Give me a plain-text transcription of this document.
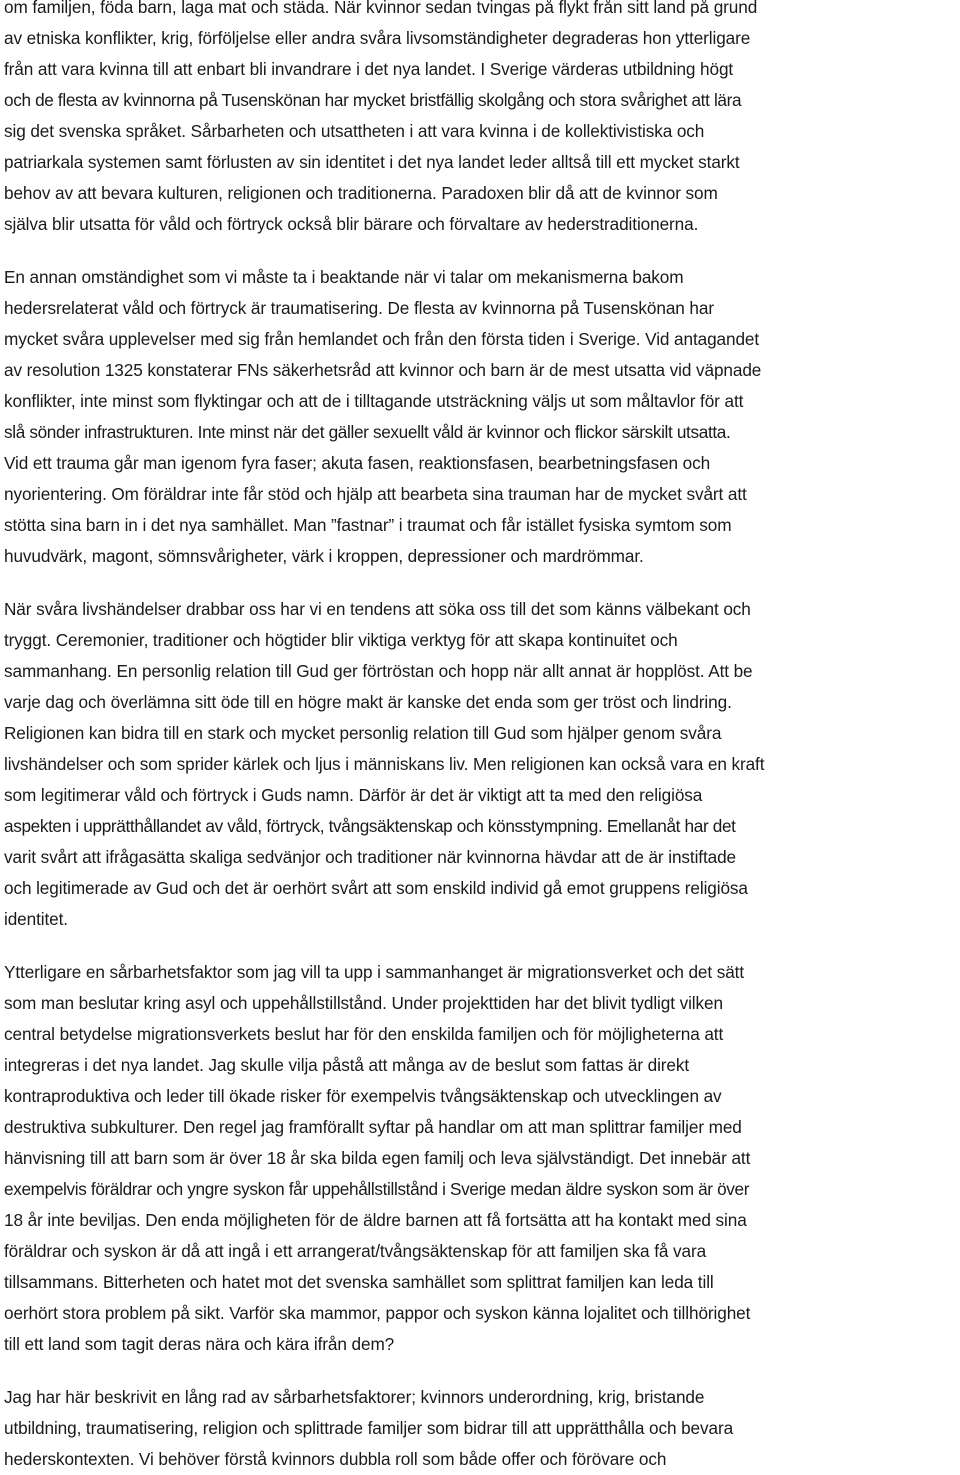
om familjen, föda barn, laga mat och städa. När kvinnor sedan tvingas på flykt från sitt land på grund
av etniska konflikter, krig, förföljelse eller andra svåra livsomständigheter degraderas hon ytterligare
från att vara kvinna till att enbart bli invandrare i det nya landet. I Sverige värderas utbildning högt
och de flesta av kvinnorna på Tusenskönan har mycket bristfällig skolgång och stora svårighet att lära
sig det svenska språket. Sårbarheten och utsattheten i att vara kvinna i de kollektivistiska och
patriarkala systemen samt förlusten av sin identitet i det nya landet leder alltså till ett mycket starkt
behov av att bevara kulturen, religionen och traditionerna. Paradoxen blir då att de kvinnor som
själva blir utsatta för våld och förtryck också blir bärare och förvaltare av hederstraditionerna.
En annan omständighet som vi måste ta i beaktande när vi talar om mekanismerna bakom
hedersrelaterat våld och förtryck är traumatisering. De flesta av kvinnorna på Tusenskönan har
mycket svåra upplevelser med sig från hemlandet och från den första tiden i Sverige. Vid antagandet
av resolution 1325 konstaterar FNs säkerhetsråd att kvinnor och barn är de mest utsatta vid väpnade
konflikter, inte minst som flyktingar och att de i tilltagande utsträckning väljs ut som måltavlor för att
slå sönder infrastrukturen. Inte minst när det gäller sexuellt våld är kvinnor och flickor särskilt utsatta.
Vid ett trauma går man igenom fyra faser; akuta fasen, reaktionsfasen, bearbetningsfasen och
nyorientering. Om föräldrar inte får stöd och hjälp att bearbeta sina trauman har de mycket svårt att
stötta sina barn in i det nya samhället. Man ”fastnar” i traumat och får istället fysiska symtom som
huvudvärk, magont, sömnsvårigheter, värk i kroppen, depressioner och mardrömmar.
När svåra livshändelser drabbar oss har vi en tendens att söka oss till det som känns välbekant och
tryggt. Ceremonier, traditioner och högtider blir viktiga verktyg för att skapa kontinuitet och
sammanhang. En personlig relation till Gud ger förtröstan och hopp när allt annat är hopplöst. Att be
varje dag och överlämna sitt öde till en högre makt är kanske det enda som ger tröst och lindring.
Religionen kan bidra till en stark och mycket personlig relation till Gud som hjälper genom svåra
livshändelser och som sprider kärlek och ljus i människans liv. Men religionen kan också vara en kraft
som legitimerar våld och förtryck i Guds namn. Därför är det är viktigt att ta med den religiösa
aspekten i upprätthållandet av våld, förtryck, tvångsäktenskap och könsstympning. Emellanåt har det
varit svårt att ifrågasätta skaliga sedvänjor och traditioner när kvinnorna hävdar att de är instiftade
och legitimerade av Gud och det är oerhört svårt att som enskild individ gå emot gruppens religiösa
identitet.
Ytterligare en sårbarhetsfaktor som jag vill ta upp i sammanhanget är migrationsverket och det sätt
som man beslutar kring asyl och uppehållstillstånd. Under projekttiden har det blivit tydligt vilken
central betydelse migrationsverkets beslut har för den enskilda familjen och för möjligheterna att
integreras i det nya landet. Jag skulle vilja påstå att många av de beslut som fattas är direkt
kontraproduktiva och leder till ökade risker för exempelvis tvångsäktenskap och utvecklingen av
destruktiva subkulturer. Den regel jag framförallt syftar på handlar om att man splittrar familjer med
hänvisning till att barn som är över 18 år ska bilda egen familj och leva självständigt. Det innebär att
exempelvis föräldrar och yngre syskon får uppehållstillstånd i Sverige medan äldre syskon som är över
18 år inte beviljas. Den enda möjligheten för de äldre barnen att få fortsätta att ha kontakt med sina
föräldrar och syskon är då att ingå i ett arrangerat/tvångsäktenskap för att familjen ska få vara
tillsammans. Bitterheten och hatet mot det svenska samhället som splittrat familjen kan leda till
oerhört stora problem på sikt. Varför ska mammor, pappor och syskon känna lojalitet och tillhörighet
till ett land som tagit deras nära och kära ifrån dem?
Jag har här beskrivit en lång rad av sårbarhetsfaktorer; kvinnors underordning, krig, bristande
utbildning, traumatisering, religion och splittrade familjer som bidrar till att upprätthålla och bevara
hederskontexten. Vi behöver förstå kvinnors dubbla roll som både offer och förövare och
